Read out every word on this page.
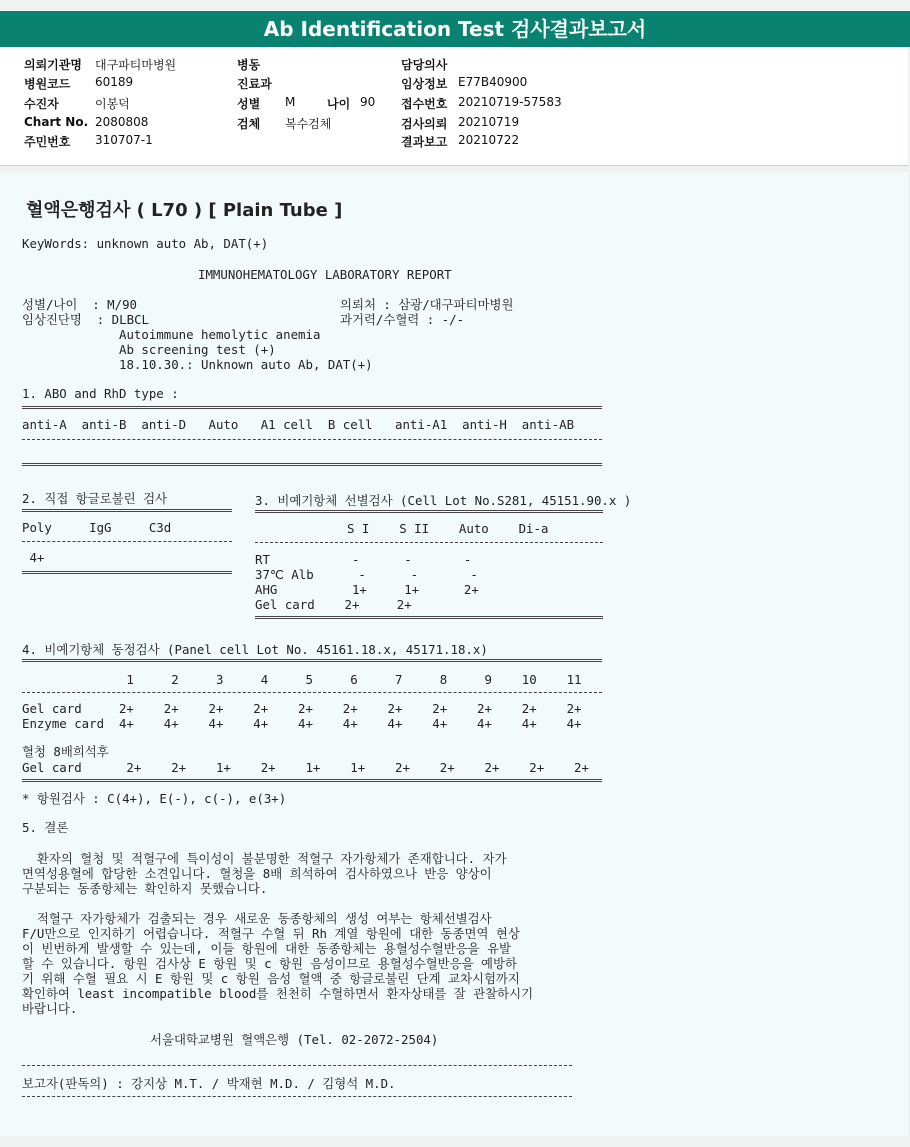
Ab Identification Test 검사결과보고서
의뢰기관명 대구파티마병원	병동	담당의사
병원코드 60189	진료과	임상정보 E77B40900
수진자	이봉덕	성별 M	나이 90 접수번호 20210719-57583
Chart No. 2080808	검체 복수검체	검사의뢰 20210719
주민번호 310707-1	결과보고 20210722
혈액은행검사 ( L70 ) [ Plain Tube ]
KeyWords: unknown auto Ab, DAT(+)
IMMUNOHEMATOLOGY LABORATORY REPORT
성별/나이  : M/90	의뢰처 : 삼광/대구파티마병원
임상진단명  : DLBCL	과거력/수혈력 : -/-
Autoimmune hemolytic anemia
Ab screening test (+)
18.10.30.: Unknown auto Ab, DAT(+)
1. ABO and RhD type :
anti-A  anti-B  anti-D   Auto   A1 cell  B cell   anti-A1  anti-H  anti-AB
2. 직접 항글로불린 검사
Poly     IgG     C3d
4+
3. 비예기항체 선별검사 (Cell Lot No.S281, 45151.90.x )
S I    S II    Auto    Di-a
RT           -      -       -
37℃ Alb      -      -       -
AHG          1+     1+      2+
Gel card    2+     2+
4. 비예기항체 동정검사 (Panel cell Lot No. 45161.18.x, 45171.18.x)
1     2     3     4     5     6     7     8     9    10    11
Gel card     2+    2+    2+    2+    2+    2+    2+    2+    2+    2+    2+
Enzyme card  4+    4+    4+    4+    4+    4+    4+    4+    4+    4+    4+
혈청 8배희석후
Gel card      2+    2+    1+    2+    1+    1+    2+    2+    2+    2+    2+
* 항원검사 : C(4+), E(-), c(-), e(3+)
5. 결론
환자의 혈청 및 적혈구에 특이성이 불분명한 적혈구 자가항체가 존재합니다. 자가
면역성용혈에 합당한 소견입니다. 혈청을 8배 희석하여 검사하였으나 반응 양상이
구분되는 동종항체는 확인하지 못했습니다.
적혈구 자가항체가 검출되는 경우 새로운 동종항체의 생성 여부는 항체선별검사
F/U만으로 인지하기 어렵습니다. 적혈구 수혈 뒤 Rh 계열 항원에 대한 동종면역 현상
이 빈번하게 발생할 수 있는데, 이들 항원에 대한 동종항체는 용혈성수혈반응을 유발
할 수 있습니다. 항원 검사상 E 항원 및 c 항원 음성이므로 용혈성수혈반응을 예방하
기 위해 수혈 필요 시 E 항원 및 c 항원 음성 혈액 중 항글로불린 단계 교차시험까지
확인하여 least incompatible blood를 천천히 수혈하면서 환자상태를 잘 관찰하시기
바랍니다.
서울대학교병원 혈액은행 (Tel. 02-2072-2504)
보고자(판독의) : 강지상 M.T. / 박재현 M.D. / 김형석 M.D.
